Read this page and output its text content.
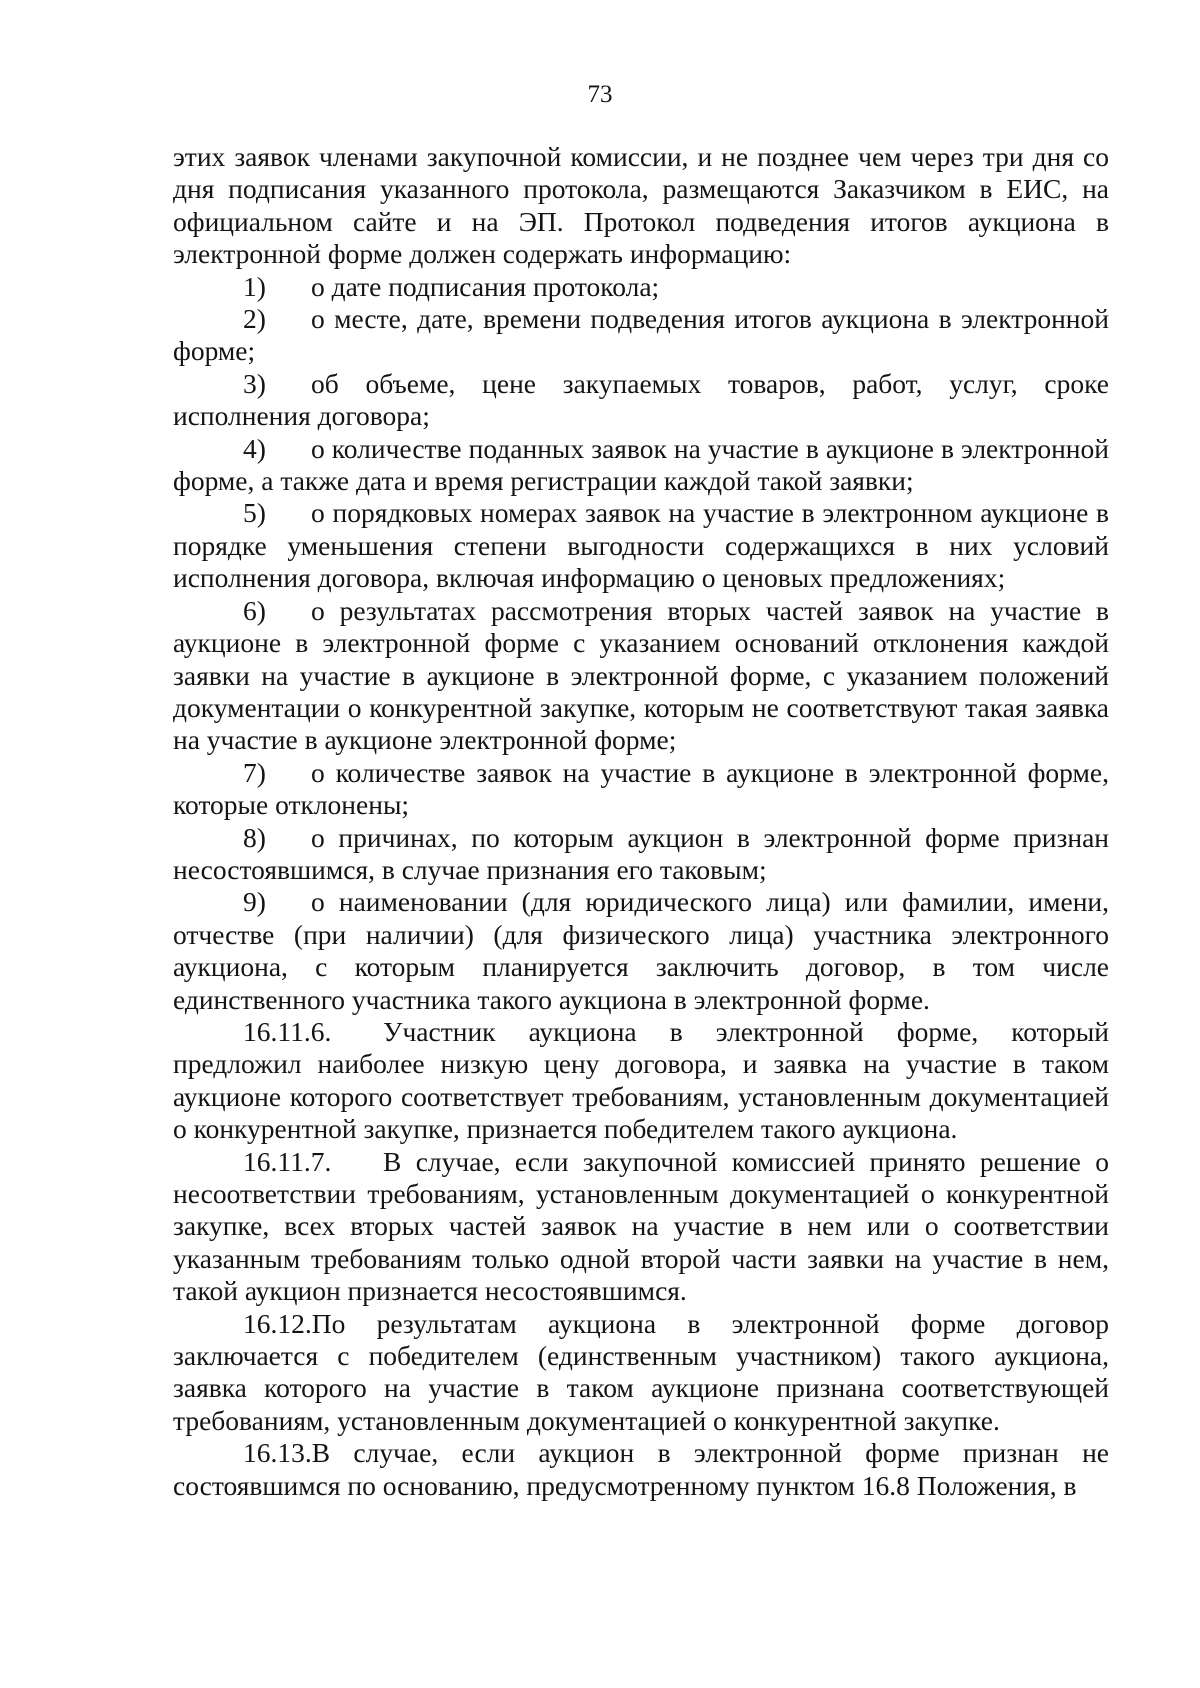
73

этих заявок членами закупочной комиссии, и не позднее чем через три дня со дня подписания указанного протокола, размещаются Заказчиком в ЕИС, на официальном сайте и на ЭП. Протокол подведения итогов аукциона в электронной форме должен содержать информацию:

1) о дате подписания протокола;

2) о месте, дате, времени подведения итогов аукциона в электронной форме;

3) об объеме, цене закупаемых товаров, работ, услуг, сроке исполнения договора;

4) о количестве поданных заявок на участие в аукционе в электронной форме, а также дата и время регистрации каждой такой заявки;

5) о порядковых номерах заявок на участие в электронном аукционе в порядке уменьшения степени выгодности содержащихся в них условий исполнения договора, включая информацию о ценовых предложениях;

6) о результатах рассмотрения вторых частей заявок на участие в аукционе в электронной форме с указанием оснований отклонения каждой заявки на участие в аукционе в электронной форме, с указанием положений документации о конкурентной закупке, которым не соответствуют такая заявка на участие в аукционе электронной форме;

7) о количестве заявок на участие в аукционе в электронной форме, которые отклонены;

8) о причинах, по которым аукцион в электронной форме признан несостоявшимся, в случае признания его таковым;

9) о наименовании (для юридического лица) или фамилии, имени, отчестве (при наличии) (для физического лица) участника электронного аукциона, с которым планируется заключить договор, в том числе единственного участника такого аукциона в электронной форме.

16.11.6. Участник аукциона в электронной форме, который предложил наиболее низкую цену договора, и заявка на участие в таком аукционе которого соответствует требованиям, установленным документацией о конкурентной закупке, признается победителем такого аукциона.

16.11.7. В случае, если закупочной комиссией принято решение о несоответствии требованиям, установленным документацией о конкурентной закупке, всех вторых частей заявок на участие в нем или о соответствии указанным требованиям только одной второй части заявки на участие в нем, такой аукцион признается несостоявшимся.

16.12.По результатам аукциона в электронной форме договор заключается с победителем (единственным участником) такого аукциона, заявка которого на участие в таком аукционе признана соответствующей требованиям, установленным документацией о конкурентной закупке.

16.13.В случае, если аукцион в электронной форме признан не состоявшимся по основанию, предусмотренному пунктом 16.8 Положения, в
